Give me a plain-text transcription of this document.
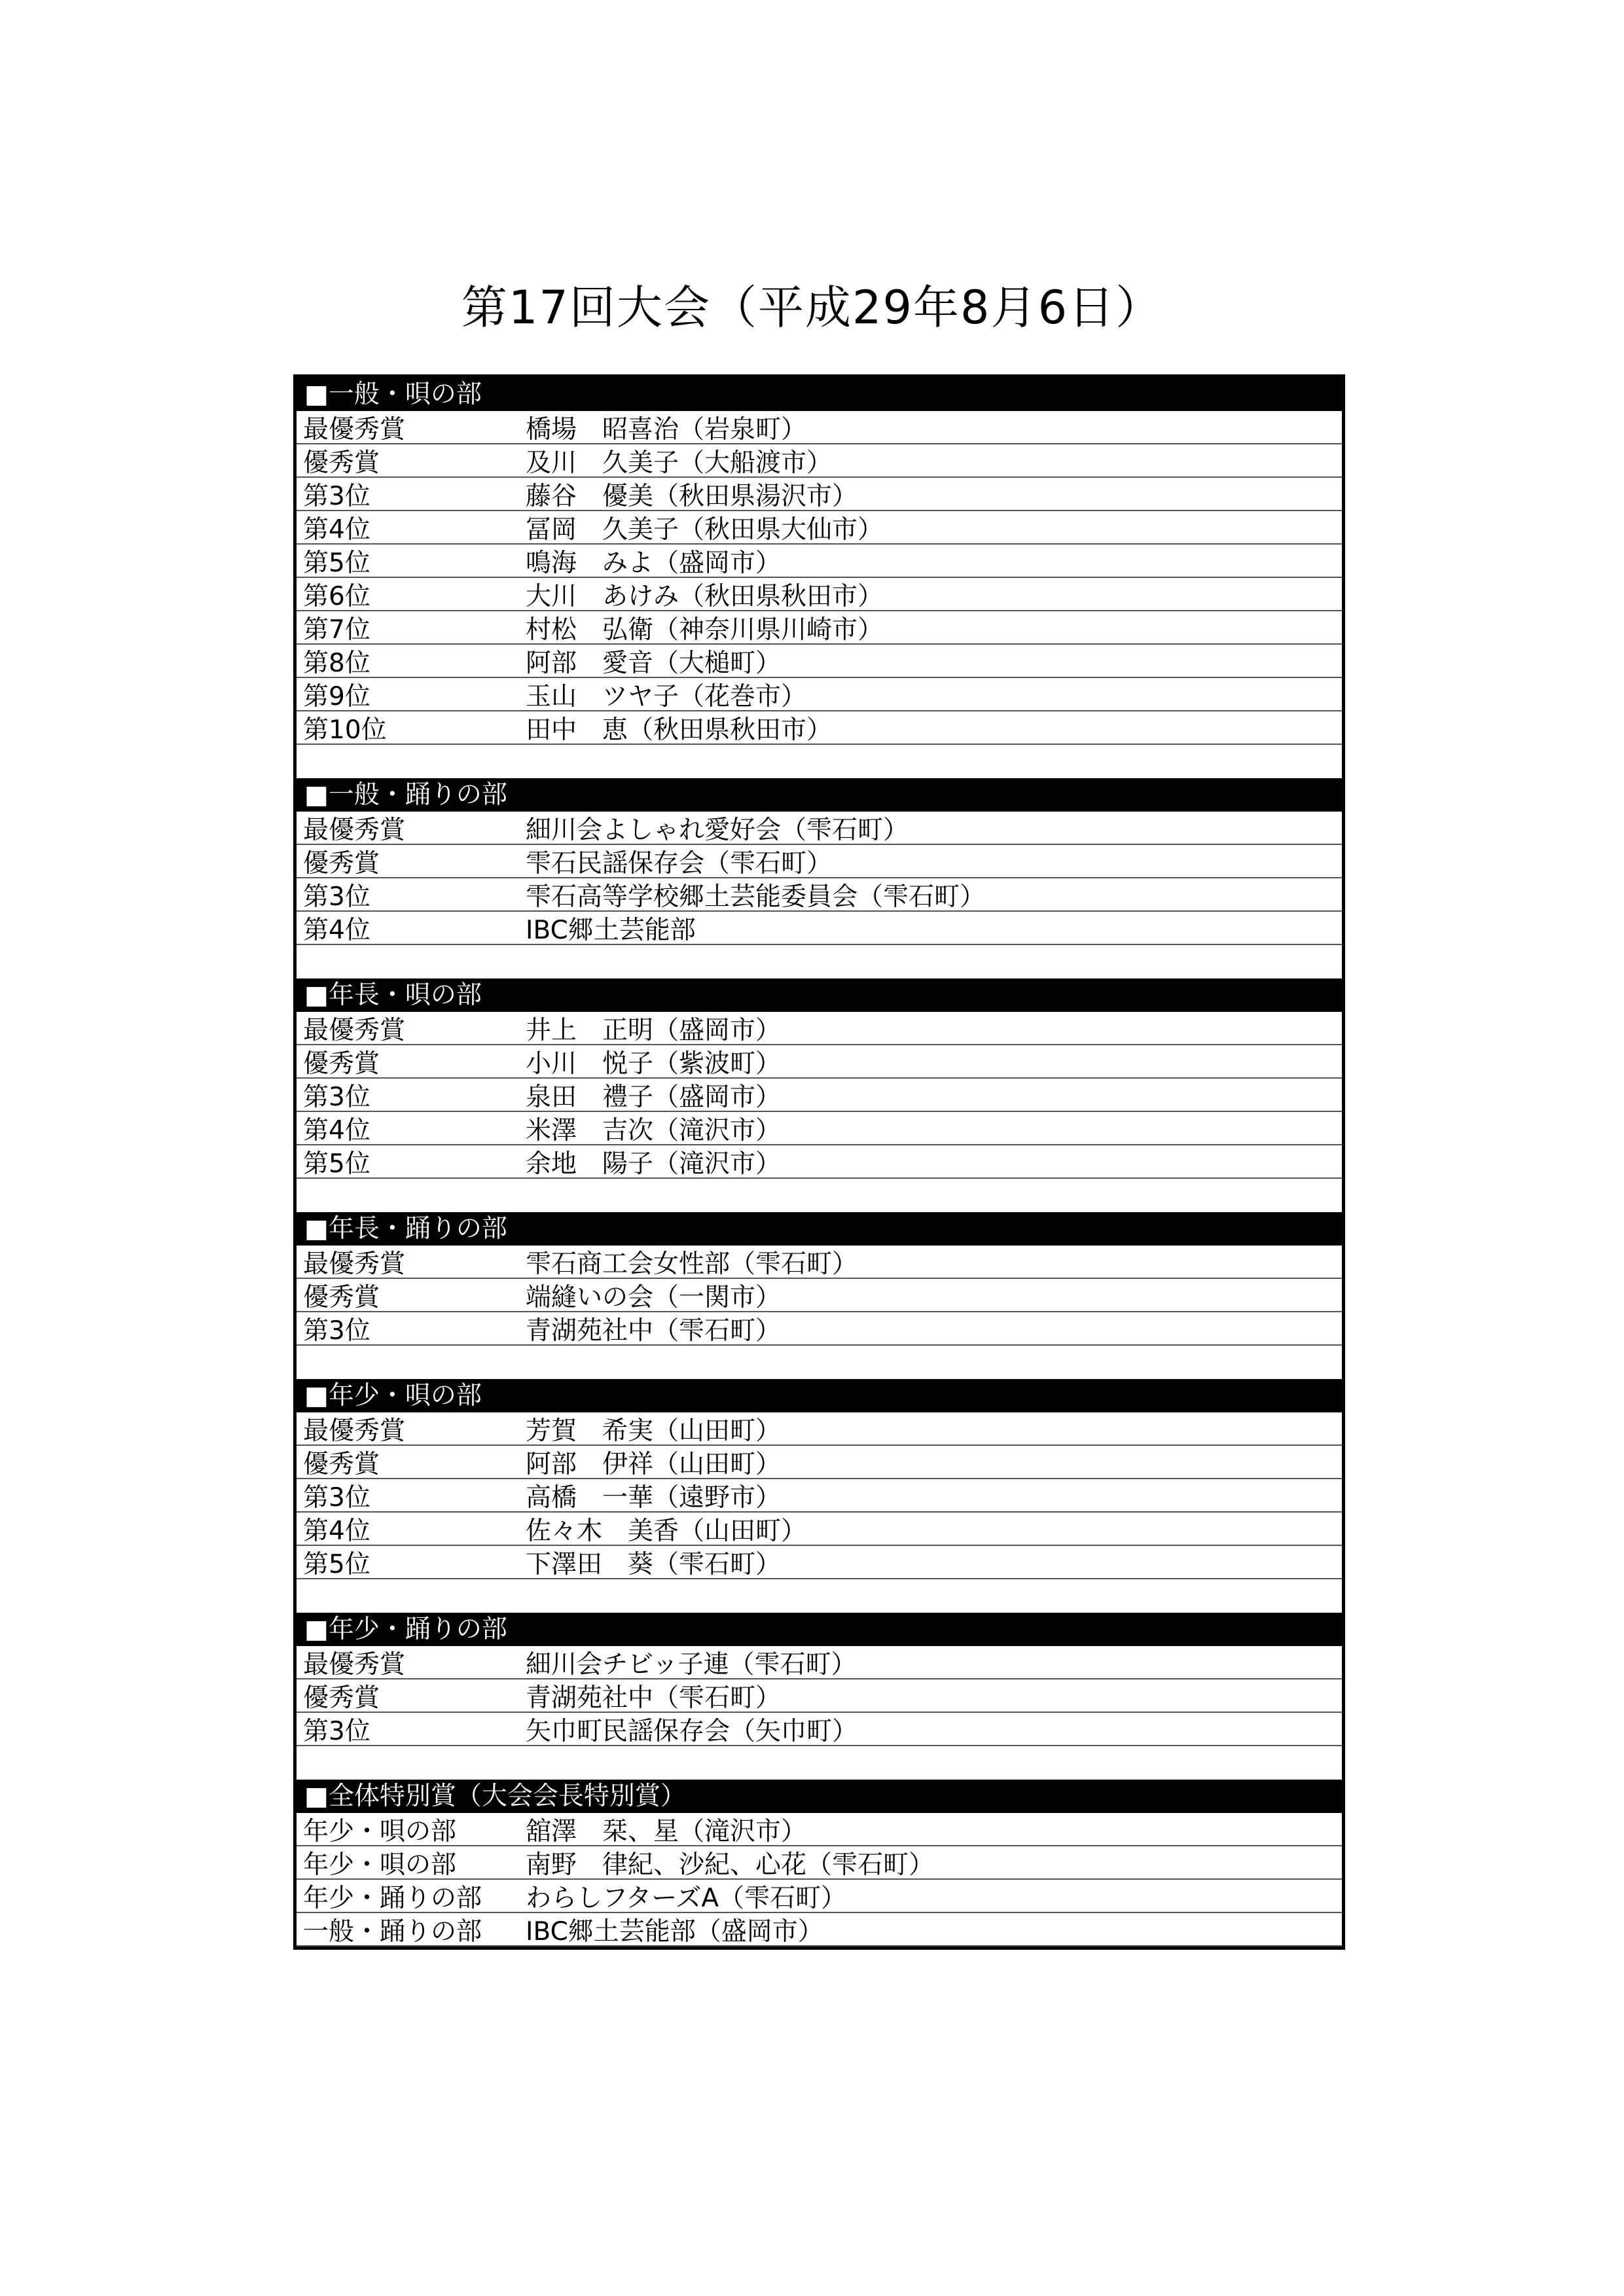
第17回大会（平成29年8月6日）
■一般・唄の部
最優秀賞	橋場　昭喜治（岩泉町）
優秀賞	及川　久美子（大船渡市）
第3位	藤谷　優美（秋田県湯沢市）
第4位	冨岡　久美子（秋田県大仙市）
第5位	鳴海　みよ（盛岡市）
第6位	大川　あけみ（秋田県秋田市）
第7位	村松　弘衛（神奈川県川崎市）
第8位	阿部　愛音（大槌町）
第9位	玉山　ツヤ子（花巻市）
第10位	田中　恵（秋田県秋田市）
■一般・踊りの部
最優秀賞	細川会よしゃれ愛好会（雫石町）
優秀賞	雫石民謡保存会（雫石町）
第3位	雫石高等学校郷土芸能委員会（雫石町）
第4位	IBC郷土芸能部
■年長・唄の部
最優秀賞	井上　正明（盛岡市）
優秀賞	小川　悦子（紫波町）
第3位	泉田　禮子（盛岡市）
第4位	米澤　吉次（滝沢市）
第5位	余地　陽子（滝沢市）
■年長・踊りの部
最優秀賞	雫石商工会女性部（雫石町）
優秀賞	端縫いの会（一関市）
第3位	青湖苑社中（雫石町）
■年少・唄の部
最優秀賞	芳賀　希実（山田町）
優秀賞	阿部　伊祥（山田町）
第3位	高橋　一華（遠野市）
第4位	佐々木　美香（山田町）
第5位	下澤田　葵（雫石町）
■年少・踊りの部
最優秀賞	細川会チビッ子連（雫石町）
優秀賞	青湖苑社中（雫石町）
第3位	矢巾町民謡保存会（矢巾町）
■全体特別賞（大会会長特別賞）
年少・唄の部	舘澤　栞、星（滝沢市）
年少・唄の部	南野　律紀、沙紀、心花（雫石町）
年少・踊りの部	わらしフターズA（雫石町）
一般・踊りの部	IBC郷土芸能部（盛岡市）
